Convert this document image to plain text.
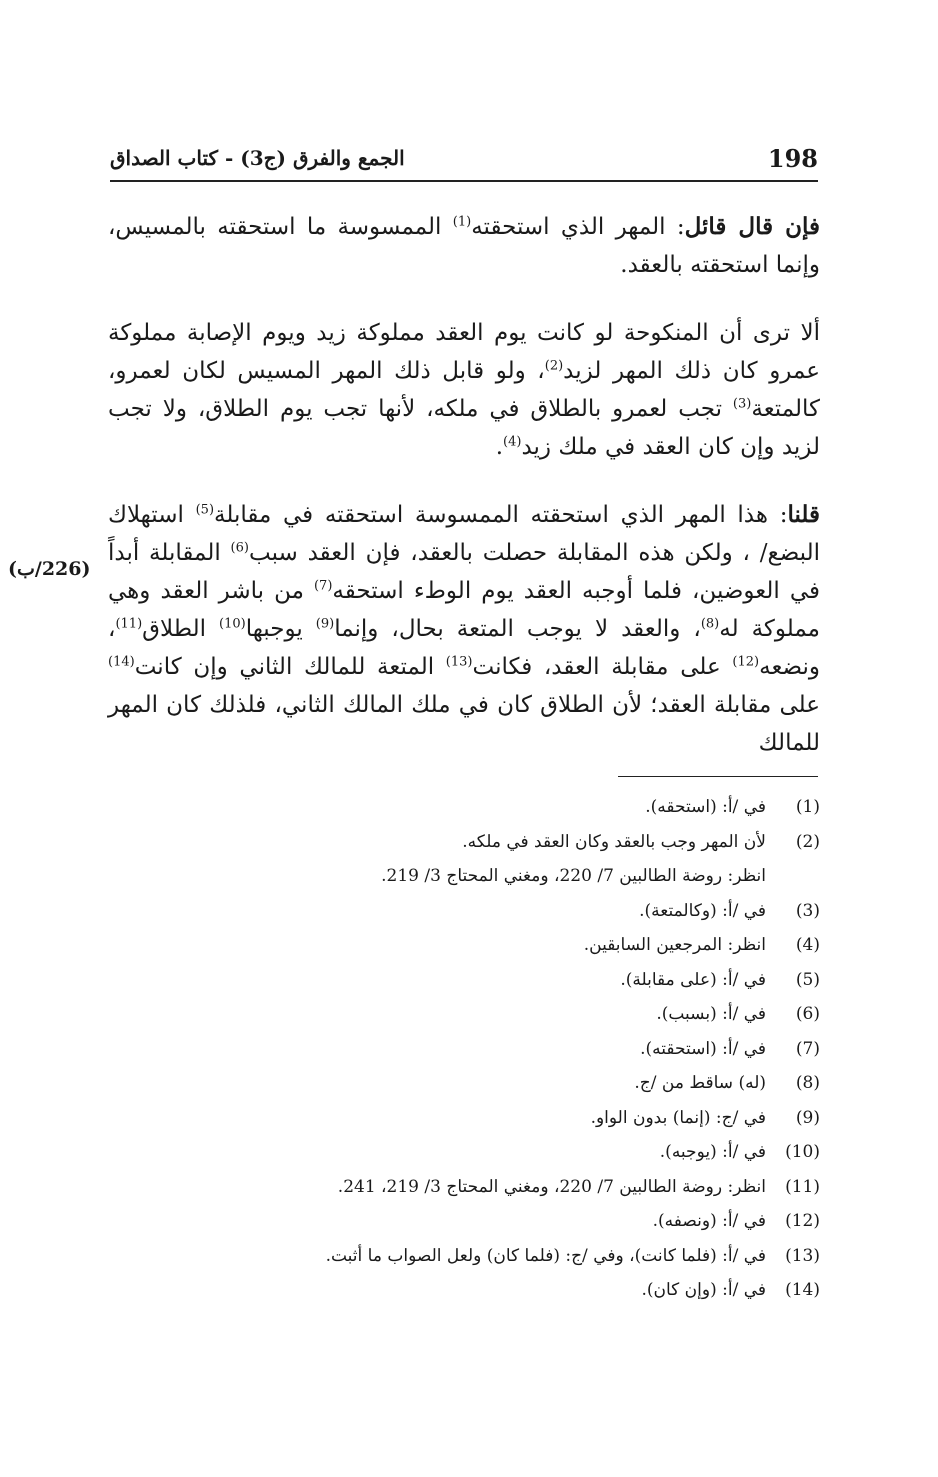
198
الجمع والفرق (ج3) - كتاب الصداق
(226/ب)

فإن قال قائل: المهر الذي استحقته$^{(1)}$ الممسوسة ما استحقته بالمسيس، وإنما استحقته بالعقد.

ألا ترى أن المنكوحة لو كانت يوم العقد مملوكة زيد ويوم الإصابة مملوكة عمرو كان ذلك المهر لزيد$^{(2)}$، ولو قابل ذلك المهر المسيس لكان لعمرو، كالمتعة$^{(3)}$ تجب لعمرو بالطلاق في ملكه، لأنها تجب يوم الطلاق، ولا تجب لزيد وإن كان العقد في ملك زيد$^{(4)}$.

قلنا: هذا المهر الذي استحقته الممسوسة استحقته في مقابلة$^{(5)}$ استهلاك البضع/ ، ولكن هذه المقابلة حصلت بالعقد، فإن العقد سبب$^{(6)}$ المقابلة أبداً في العوضين، فلما أوجبه العقد يوم الوطء استحقه$^{(7)}$ من باشر العقد وهي مملوكة له$^{(8)}$، والعقد لا يوجب المتعة بحال، وإنما$^{(9)}$ يوجبها$^{(10)}$ الطلاق$^{(11)}$، ونضعه$^{(12)}$ على مقابلة العقد، فكانت$^{(13)}$ المتعة للمالك الثاني وإن كانت$^{(14)}$ على مقابلة العقد؛ لأن الطلاق كان في ملك المالك الثاني، فلذلك كان المهر للمالك

(1)
في /أ: (استحقه).
(2)
لأن المهر وجب بالعقد وكان العقد في ملكه.
انظر: روضة الطالبين 7/ 220، ومغني المحتاج 3/ 219.
(3)
في /أ: (وكالمتعة).
(4)
انظر: المرجعين السابقين.
(5)
في /أ: (على مقابلة).
(6)
في /أ: (بسبب).
(7)
في /أ: (استحقته).
(8)
(له) ساقط من /ج.
(9)
في /ج: (إنما) بدون الواو.
(10)
في /أ: (يوجبه).
(11)
انظر: روضة الطالبين 7/ 220، ومغني المحتاج 3/ 219، 241.
(12)
في /أ: (ونصفه).
(13)
في /أ: (فلما كانت)، وفي /ج: (فلما كان) ولعل الصواب ما أثبت.
(14)
في /أ: (وإن كان).
